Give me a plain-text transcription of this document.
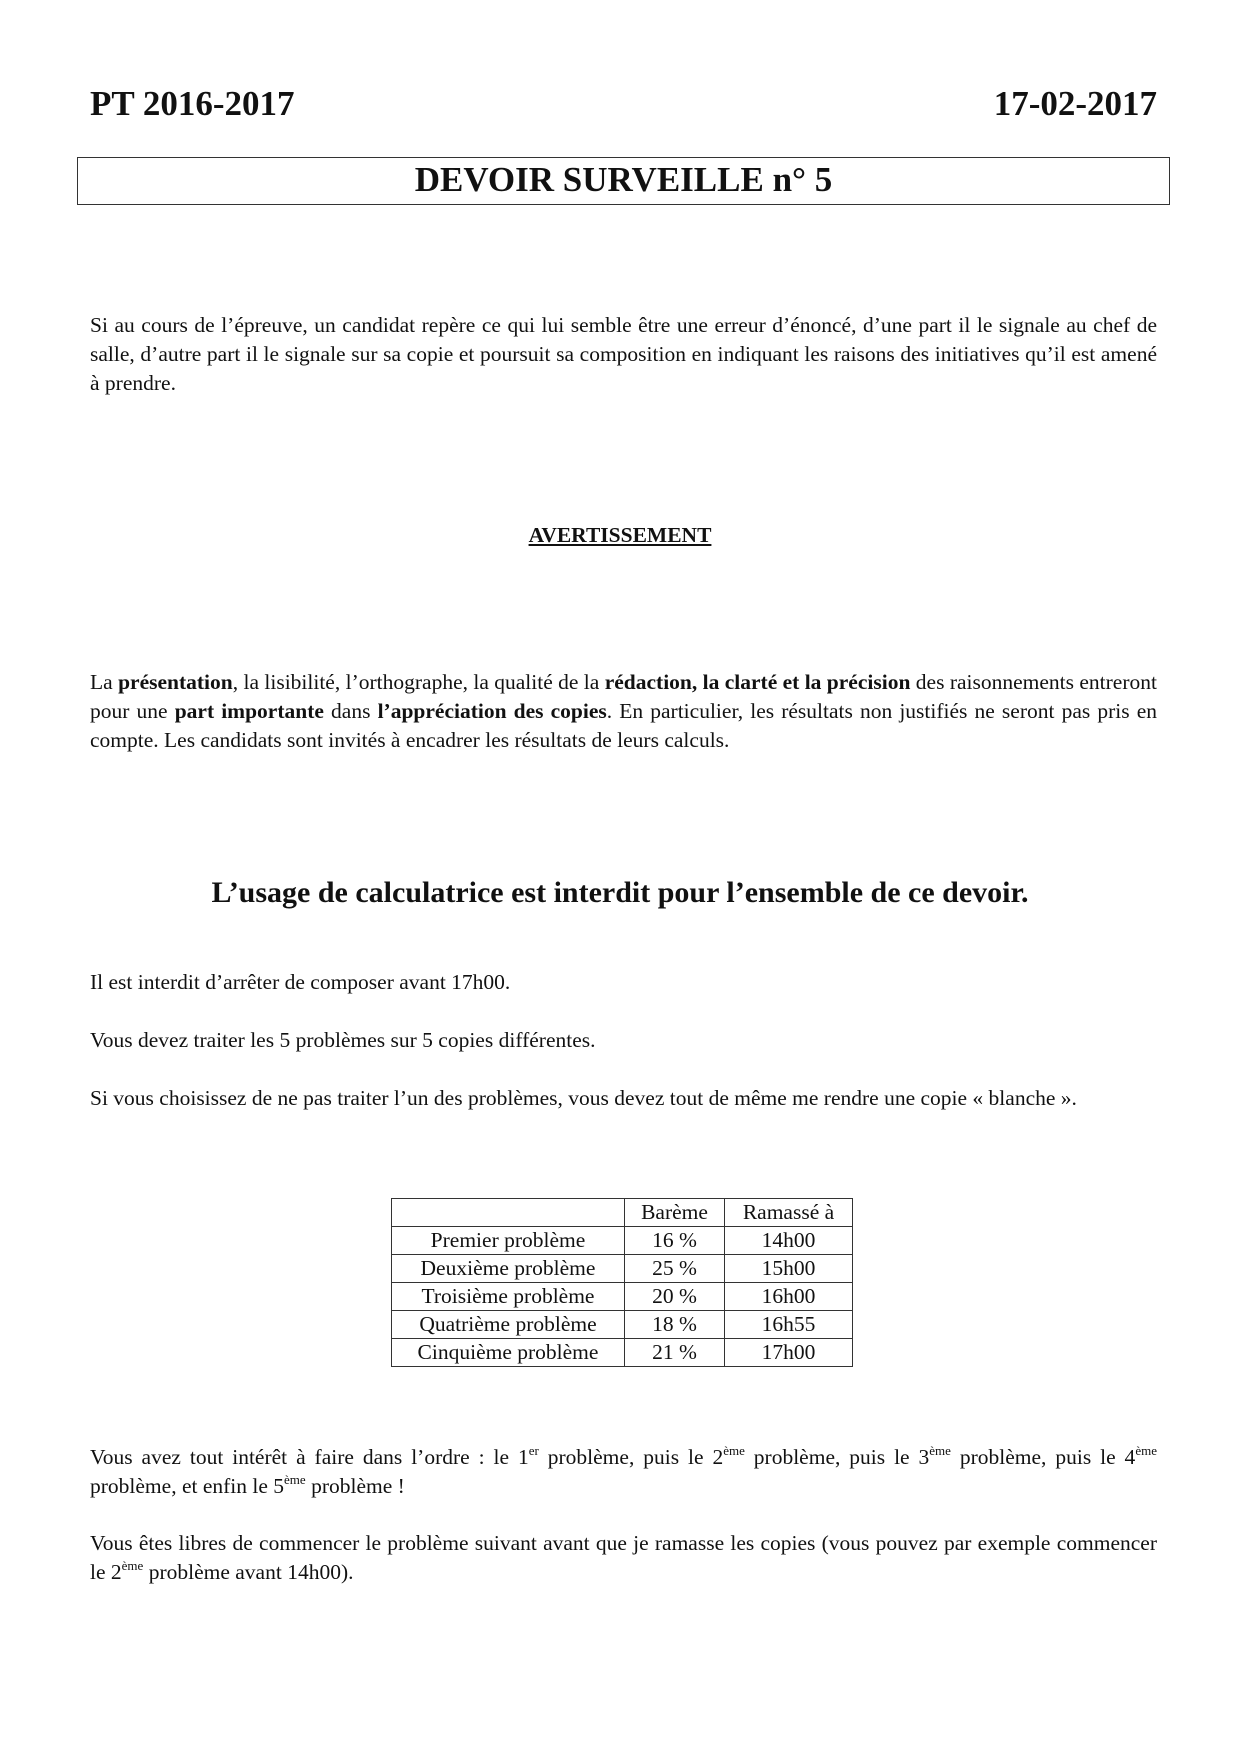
PT 2016-2017	17-02-2017
DEVOIR SURVEILLE n° 5
Si au cours de l’épreuve, un candidat repère ce qui lui semble être une erreur d’énoncé, d’une part il le signale au chef de salle, d’autre part il le signale sur sa copie et poursuit sa composition en indiquant les raisons des initiatives qu’il est amené à prendre.
AVERTISSEMENT
La présentation, la lisibilité, l’orthographe, la qualité de la rédaction, la clarté et la précision des raisonnements entreront pour une part importante dans l’appréciation des copies. En particulier, les résultats non justifiés ne seront pas pris en compte. Les candidats sont invités à encadrer les résultats de leurs calculs.
L’usage de calculatrice est interdit pour l’ensemble de ce devoir.
Il est interdit d’arrêter de composer avant 17h00.
Vous devez traiter les 5 problèmes sur 5 copies différentes.
Si vous choisissez de ne pas traiter l’un des problèmes, vous devez tout de même me rendre une copie « blanche ».
	Barème	Ramassé à
Premier problème	16 %	14h00
Deuxième problème	25 %	15h00
Troisième problème	20 %	16h00
Quatrième problème	18 %	16h55
Cinquième problème	21 %	17h00
Vous avez tout intérêt à faire dans l’ordre : le 1er problème, puis le 2ème problème, puis le 3ème problème, puis le 4ème problème, et enfin le 5ème problème !
Vous êtes libres de commencer le problème suivant avant que je ramasse les copies (vous pouvez par exemple commencer le 2ème problème avant 14h00).
